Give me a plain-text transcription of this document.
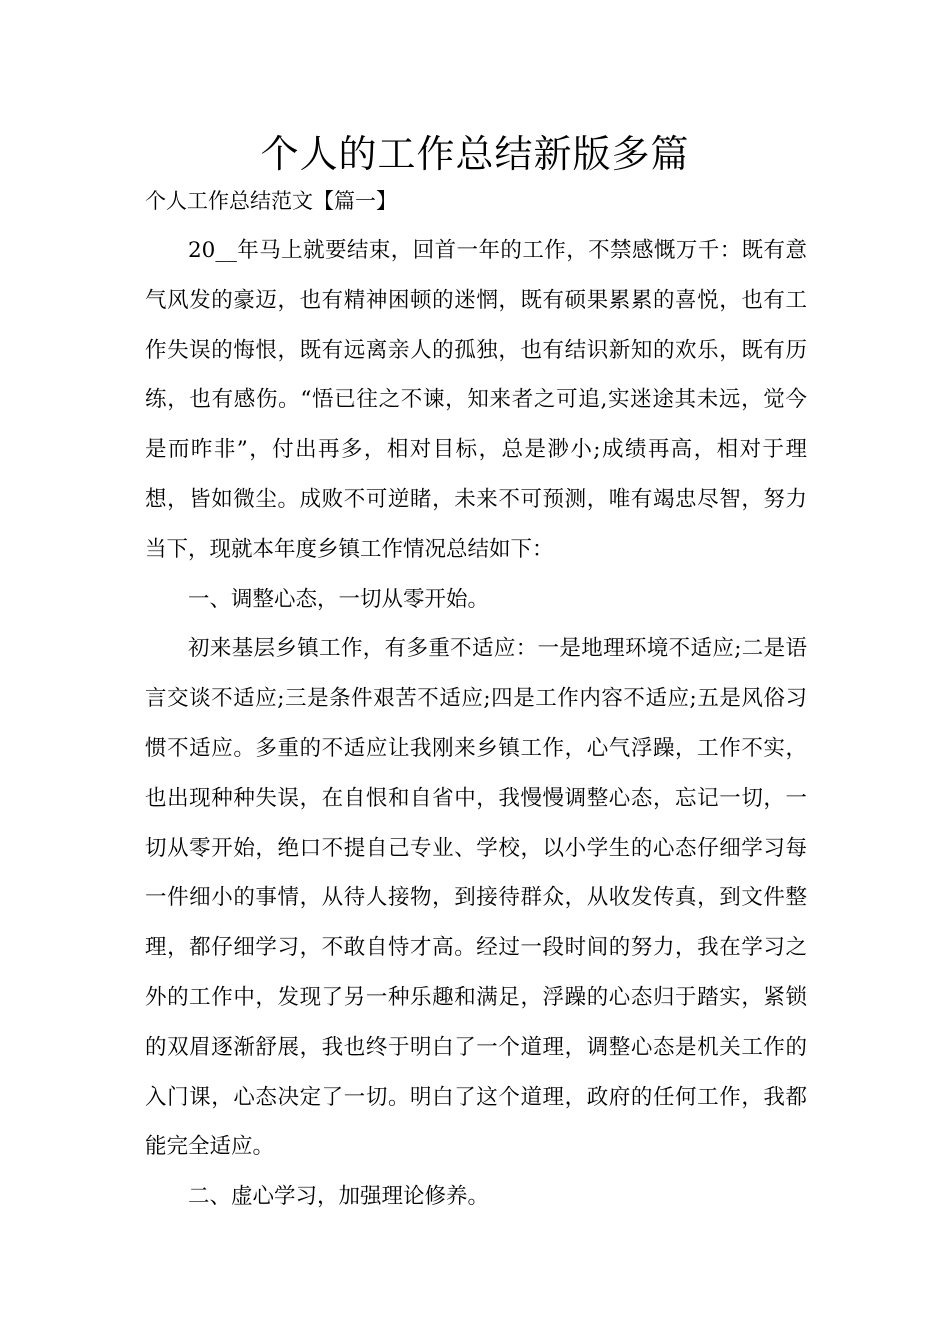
个人的工作总结新版多篇
个人工作总结范文【篇一】

20__年马上就要结束，回首一年的工作，不禁感慨万千：既有意气风发的豪迈，也有精神困顿的迷惘，既有硕果累累的喜悦，也有工作失误的悔恨，既有远离亲人的孤独，也有结识新知的欢乐，既有历练，也有感伤。“悟已往之不谏，知来者之可追,实迷途其未远，觉今是而昨非”，付出再多，相对目标，总是渺小;成绩再高，相对于理想，皆如微尘。成败不可逆睹，未来不可预测，唯有竭忠尽智，努力当下，现就本年度乡镇工作情况总结如下：

一、调整心态，一切从零开始。

初来基层乡镇工作，有多重不适应：一是地理环境不适应;二是语言交谈不适应;三是条件艰苦不适应;四是工作内容不适应;五是风俗习惯不适应。多重的不适应让我刚来乡镇工作，心气浮躁，工作不实，也出现种种失误，在自恨和自省中，我慢慢调整心态，忘记一切，一切从零开始，绝口不提自己专业、学校，以小学生的心态仔细学习每一件细小的事情，从待人接物，到接待群众，从收发传真，到文件整理，都仔细学习，不敢自恃才高。经过一段时间的努力，我在学习之外的工作中，发现了另一种乐趣和满足，浮躁的心态归于踏实，紧锁的双眉逐渐舒展，我也终于明白了一个道理，调整心态是机关工作的入门课，心态决定了一切。明白了这个道理，政府的任何工作，我都能完全适应。

二、虚心学习，加强理论修养。
